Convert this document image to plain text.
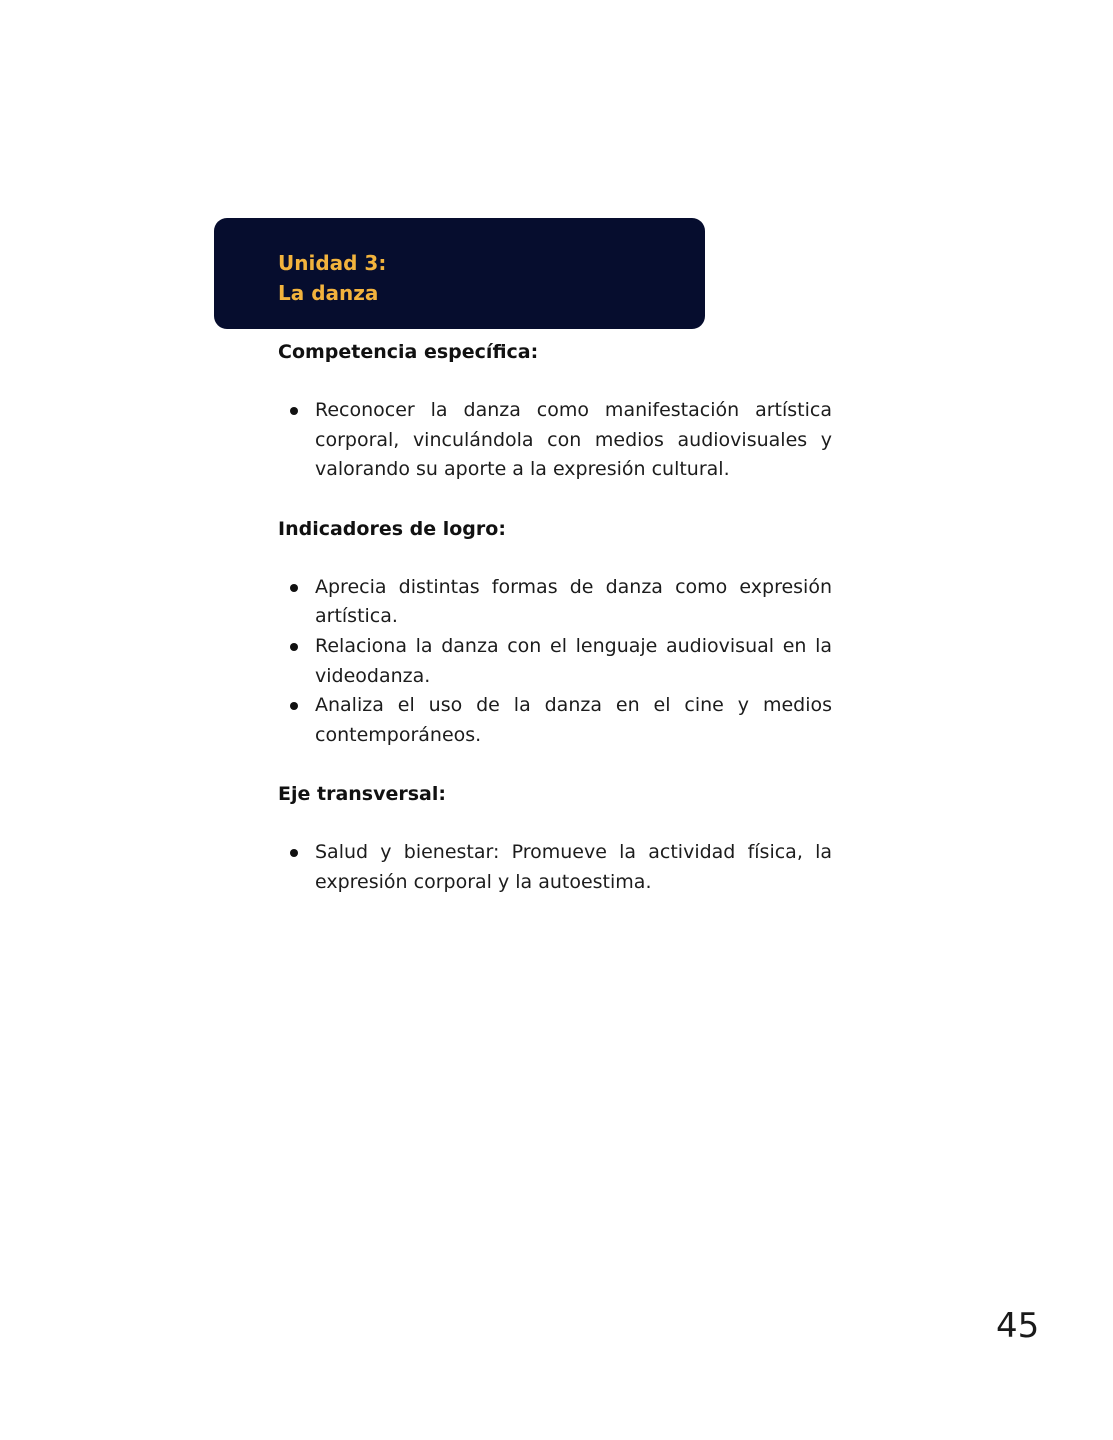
Unidad 3:
La danza
Competencia específica:
Reconocer la danza como manifestación artística corporal, vinculándola con medios audiovisuales y valorando su aporte a la expresión cultural.
Indicadores de logro:
Aprecia distintas formas de danza como expresión artística.
Relaciona la danza con el lenguaje audiovisual en la videodanza.
Analiza el uso de la danza en el cine y medios contemporáneos.
Eje transversal:
Salud y bienestar: Promueve la actividad física, la expresión corporal y la autoestima.
45
